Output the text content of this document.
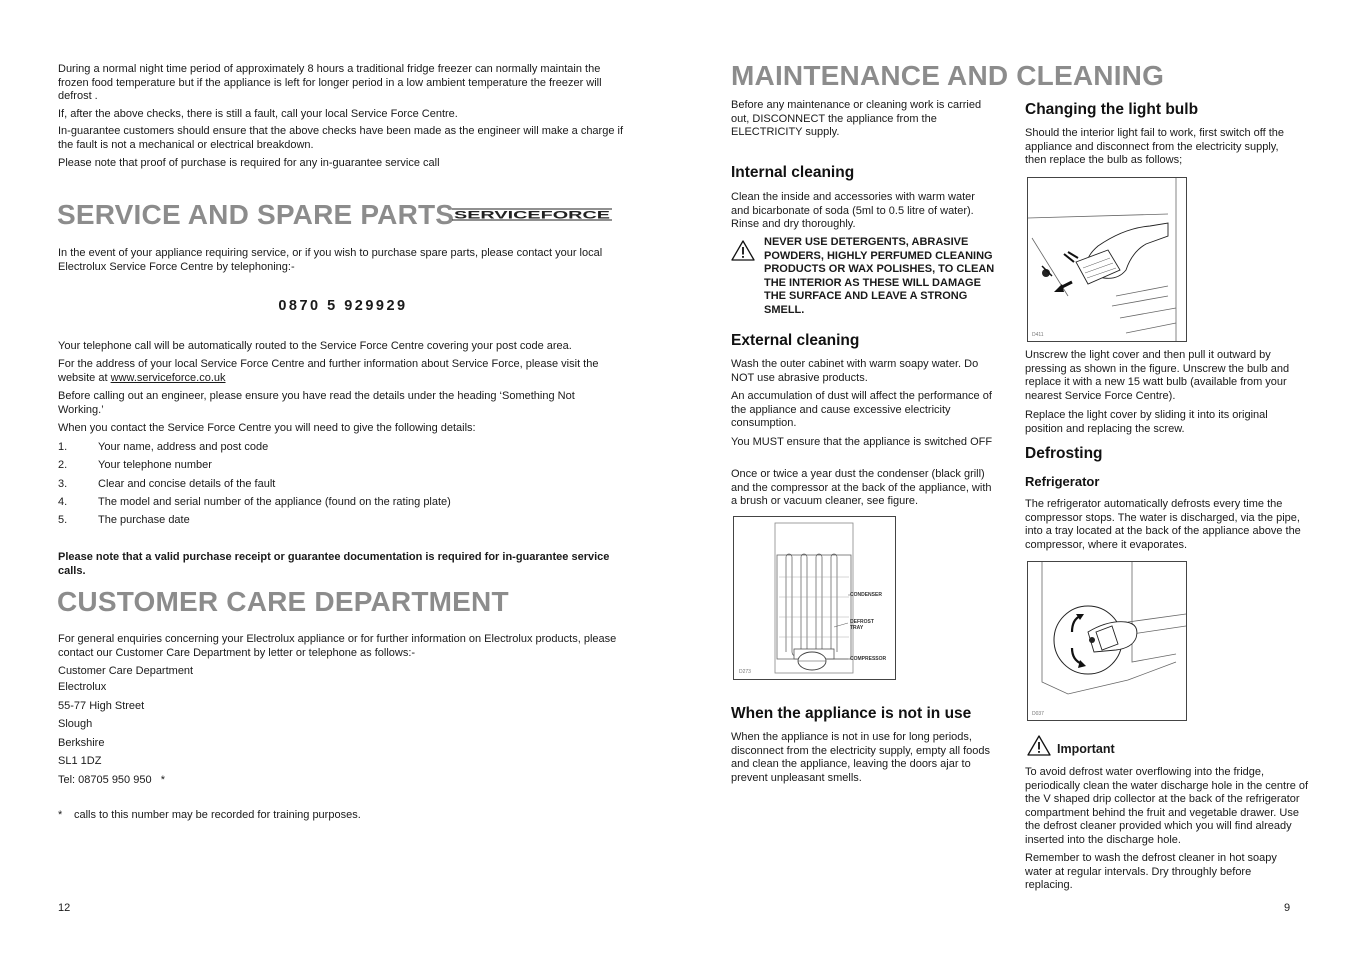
During a normal night time period of approximately 8 hours a traditional fridge freezer can normally maintain the frozen food temperature but if the appliance is left for longer period in a low ambient temperature the freezer will defrost .

If, after the above checks, there is still a fault, call your local Service Force Centre.

In-guarantee customers should ensure that the above checks have been made as the engineer will make a charge if the fault is not a mechanical or electrical breakdown.

Please note that proof of purchase is required for any in-guarantee service call

SERVICE AND SPARE PARTS SERVICEFORCE

In the event of your appliance requiring service, or if you wish to purchase spare parts, please contact your local Electrolux Service Force Centre by telephoning:-

0870 5 929929

Your telephone call will be automatically routed to the Service Force Centre covering your post code area.

For the address of your local Service Force Centre and further information about Service Force, please visit the website at www.serviceforce.co.uk

Before calling out an engineer, please ensure you have read the details under the heading ‘Something Not Working.’

When you contact the Service Force Centre you will need to give the following details:

1.	Your name, address and post code
2.	Your telephone number
3.	Clear and concise details of the fault
4.	The model and serial number of the appliance (found on the rating plate)
5.	The purchase date

Please note that a valid purchase receipt or guarantee documentation is required for in-guarantee service calls.

CUSTOMER CARE DEPARTMENT

For general enquiries concerning your Electrolux appliance or for further information on Electrolux products, please contact our Customer Care Department by letter or telephone as follows:-

Customer Care Department
Electrolux
55-77 High Street
Slough
Berkshire
SL1 1DZ
Tel: 08705 950 950   *
* calls to this number may be recorded for training purposes.
12
MAINTENANCE AND CLEANING

Before any maintenance or cleaning work is carried out, DISCONNECT the appliance from the ELECTRICITY supply.

Internal cleaning

Clean the inside and accessories with warm water and bicarbonate of soda (5ml to 0.5 litre of water). Rinse and dry thoroughly.

NEVER USE DETERGENTS, ABRASIVE POWDERS, HIGHLY PERFUMED CLEANING PRODUCTS OR WAX POLISHES, TO CLEAN THE INTERIOR AS THESE WILL DAMAGE THE SURFACE AND LEAVE A STRONG SMELL.

External cleaning

Wash the outer cabinet with warm soapy water. Do NOT use abrasive products.

An accumulation of dust will affect the performance of the appliance and cause excessive electricity consumption.

You MUST ensure that the appliance is switched OFF

Once or twice a year dust the condenser (black grill) and the compressor at the back of the appliance, with a brush or vacuum cleaner, see figure.

CONDENSER
DEFROST
TRAY
COMPRESSOR
D273
When the appliance is not in use

When the appliance is not in use for long periods, disconnect from the electricity supply, empty all foods and clean the appliance, leaving the doors ajar to prevent unpleasant smells.

Changing the light bulb

Should the interior light fail to work, first switch off the appliance and disconnect from the electricity supply, then replace the bulb as follows;

D411

Unscrew the light cover and then pull it outward by pressing as shown in the figure. Unscrew the bulb and replace it with a new 15 watt bulb (available from your nearest Service Force Centre).

Replace the light cover by sliding it into its original position and replacing the screw.

Defrosting
Refrigerator

The refrigerator automatically defrosts every time the compressor stops. The water is discharged, via the pipe, into a tray located at the back of the appliance above the compressor, where it evaporates.

D037
Important

To avoid defrost water overflowing into the fridge, periodically clean the water discharge hole in the centre of the V shaped drip collector at the back of the refrigerator compartment behind the fruit and vegetable drawer. Use the defrost cleaner provided which you will find already inserted into the discharge hole.

Remember to wash the defrost cleaner in hot soapy water at regular intervals. Dry throughly before replacing.

9
